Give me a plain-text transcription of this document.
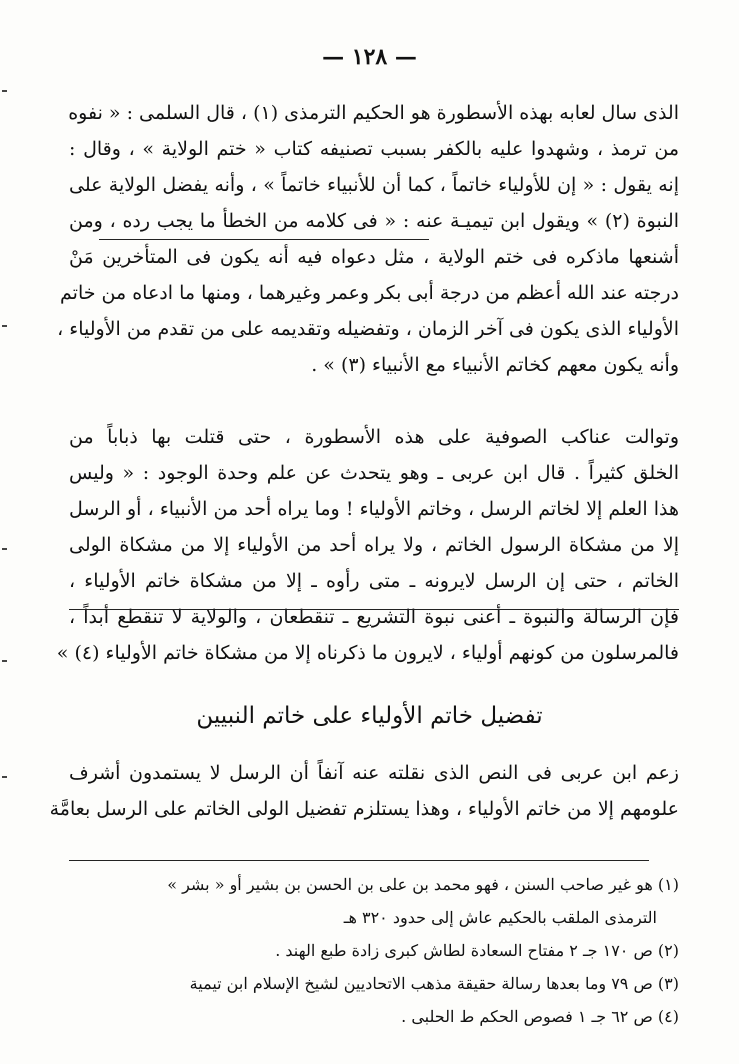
— ١٢٨ —
الذى سال لعابه بهذه الأسطورة هو الحكيم الترمذى (١) ، قال السلمى : « نفوه
من ترمذ ، وشهدوا عليه بالكفر بسبب تصنيفه كتاب « ختم الولاية » ، وقال :
إنه يقول : « إن للأولياء خاتماً ، كما أن للأنبياء خاتماً » ، وأنه يفضل الولاية على
النبوة (٢) » ويقول ابن تيميـة عنه : « فى كلامه من الخطأ ما يجب رده ، ومن
أشنعها ماذكره فى ختم الولاية ، مثل دعواه فيه أنه يكون فى المتأخرين مَنْ
درجته عند الله أعظم من درجة أبى بكر وعمر وغيرهما ، ومنها ما ادعاه من خاتم
الأولياء الذى يكون فى آخر الزمان ، وتفضيله وتقديمه على من تقدم من الأولياء ،
وأنه يكون معهم كخاتم الأنبياء مع الأنبياء (٣) » .
وتوالت عناكب الصوفية على هذه الأسطورة ، حتى قتلت بها ذباباً من
الخلق كثيراً . قال ابن عربى ـ وهو يتحدث عن علم وحدة الوجود : « وليس
هذا العلم إلا لخاتم الرسل ، وخاتم الأولياء ! وما يراه أحد من الأنبياء ، أو الرسل
إلا من مشكاة الرسول الخاتم ، ولا يراه أحد من الأولياء إلا من مشكاة الولى
الخاتم ، حتى إن الرسل لايرونه ـ متى رأوه ـ إلا من مشكاة خاتم الأولياء ،
فإن الرسالة والنبوة ـ أعنى نبوة التشريع ـ تنقطعان ، والولاية لا تنقطع أبداً ،
فالمرسلون من كونهم أولياء ، لايرون ما ذكرناه إلا من مشكاة خاتم الأولياء (٤) »
تفضيل خاتم الأولياء على خاتم النبيين
زعم ابن عربى فى النص الذى نقلته عنه آنفاً أن الرسل لا يستمدون أشرف
علومهم إلا من خاتم الأولياء ، وهذا يستلزم تفضيل الولى الخاتم على الرسل بعامَّة
(١) هو غير صاحب السنن ، فهو محمد بن على بن الحسن بن بشير أو « بشر »
الترمذى الملقب بالحكيم عاش إلى حدود ٣٢٠ هـ
(٢) ص ١٧٠ جـ ٢ مفتاح السعادة لطاش كبرى زادة طبع الهند .
(٣) ص ٧٩ وما بعدها رسالة حقيقة مذهب الاتحاديين لشيخ الإسلام ابن تيمية
(٤) ص ٦٢ جـ ١ فصوص الحكم ط الحلبى .
